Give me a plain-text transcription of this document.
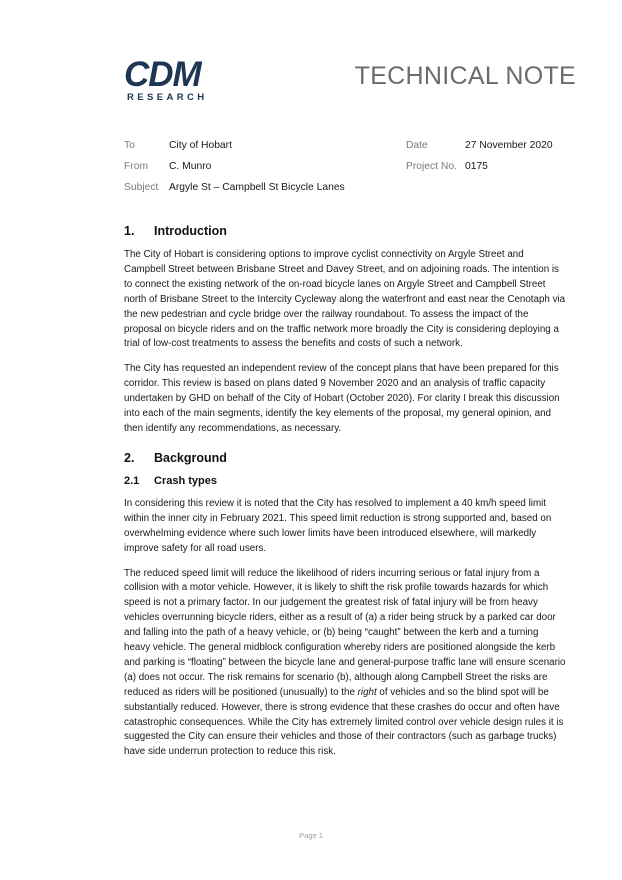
CDM
RESEARCH
TECHNICAL NOTE
To	City of Hobart	Date	27 November 2020
From C. Munro	Project No. 0175
Subject Argyle St – Campbell St Bicycle Lanes
1. Introduction

The City of Hobart is considering options to improve cyclist connectivity on Argyle Street and Campbell Street between Brisbane Street and Davey Street, and on adjoining roads. The intention is to connect the existing network of the on-road bicycle lanes on Argyle Street and Campbell Street north of Brisbane Street to the Intercity Cycleway along the waterfront and east near the Cenotaph via the new pedestrian and cycle bridge over the railway roundabout. To assess the impact of the proposal on bicycle riders and on the traffic network more broadly the City is considering deploying a trial of low-cost treatments to assess the benefits and costs of such a network.

The City has requested an independent review of the concept plans that have been prepared for this corridor. This review is based on plans dated 9 November 2020 and an analysis of traffic capacity undertaken by GHD on behalf of the City of Hobart (October 2020). For clarity I break this discussion into each of the main segments, identify the key elements of the proposal, my general opinion, and then identify any recommendations, as necessary.

2. Background
2.1 Crash types

In considering this review it is noted that the City has resolved to implement a 40 km/h speed limit within the inner city in February 2021. This speed limit reduction is strong supported and, based on overwhelming evidence where such lower limits have been introduced elsewhere, will markedly improve safety for all road users.

The reduced speed limit will reduce the likelihood of riders incurring serious or fatal injury from a collision with a motor vehicle. However, it is likely to shift the risk profile towards hazards for which speed is not a primary factor. In our judgement the greatest risk of fatal injury will be from heavy vehicles overrunning bicycle riders, either as a result of (a) a rider being struck by a parked car door and falling into the path of a heavy vehicle, or (b) being “caught” between the kerb and a turning heavy vehicle. The general midblock configuration whereby riders are positioned alongside the kerb and parking is “floating” between the bicycle lane and general-purpose traffic lane will ensure scenario (a) does not occur. The risk remains for scenario (b), although along Campbell Street the risks are reduced as riders will be positioned (unusually) to the right of vehicles and so the blind spot will be substantially reduced. However, there is strong evidence that these crashes do occur and often have catastrophic consequences. While the City has extremely limited control over vehicle design rules it is suggested the City can ensure their vehicles and those of their contractors (such as garbage trucks) have side underrun protection to reduce this risk.

Page 1
